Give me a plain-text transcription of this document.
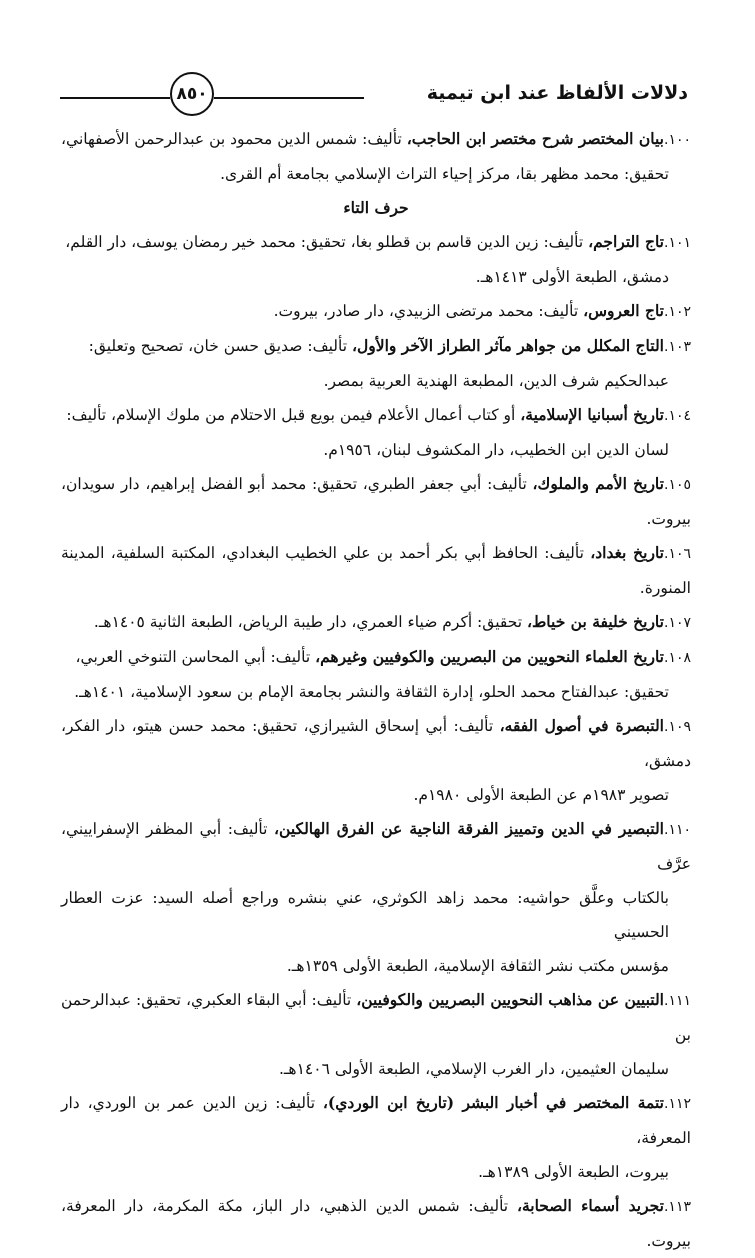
٨٥٠	دلالات الألفاظ عند ابن تيمية

١٠٠.بيان المختصر شرح مختصر ابن الحاجب، تأليف: شمس الدين محمود بن عبدالرحمن الأصفهاني،
تحقيق: محمد مظهر بقا، مركز إحياء التراث الإسلامي بجامعة أم القرى.

حرف التاء

١٠١.تاج التراجم، تأليف: زين الدين قاسم بن قطلو بغا، تحقيق: محمد خير رمضان يوسف، دار القلم،
دمشق، الطبعة الأولى ١٤١٣هـ.

١٠٢.تاج العروس، تأليف: محمد مرتضى الزبيدي، دار صادر، بيروت.

١٠٣.التاج المكلل من جواهر مآثر الطراز الآخر والأول، تأليف: صديق حسن خان، تصحيح وتعليق:
عبدالحكيم شرف الدين، المطبعة الهندية العربية بمصر.

١٠٤.تاريخ أسبانيا الإسلامية، أو كتاب أعمال الأعلام فيمن بويع قبل الاحتلام من ملوك الإسلام، تأليف:
لسان الدين ابن الخطيب، دار المكشوف لبنان، ١٩٥٦م.

١٠٥.تاريخ الأمم والملوك، تأليف: أبي جعفر الطبري، تحقيق: محمد أبو الفضل إبراهيم، دار سويدان، بيروت.

١٠٦.تاريخ بغداد، تأليف: الحافظ أبي بكر أحمد بن علي الخطيب البغدادي، المكتبة السلفية، المدينة المنورة.

١٠٧.تاريخ خليفة بن خياط، تحقيق: أكرم ضياء العمري، دار طيبة الرياض، الطبعة الثانية ١٤٠٥هـ.

١٠٨.تاريخ العلماء النحويين من البصريين والكوفيين وغيرهم، تأليف: أبي المحاسن التنوخي العربي،
تحقيق: عبدالفتاح محمد الحلو، إدارة الثقافة والنشر بجامعة الإمام بن سعود الإسلامية، ١٤٠١هـ.

١٠٩.التبصرة في أصول الفقه، تأليف: أبي إسحاق الشيرازي، تحقيق: محمد حسن هيتو، دار الفكر، دمشق،
تصوير ١٩٨٣م عن الطبعة الأولى ١٩٨٠م.

١١٠.التبصير في الدين وتمييز الفرقة الناجية عن الفرق الهالكين، تأليف: أبي المظفر الإسفراييني، عرَّف
بالكتاب وعلَّق حواشيه: محمد زاهد الكوثري، عني بنشره وراجع أصله السيد: عزت العطار الحسيني
مؤسس مكتب نشر الثقافة الإسلامية، الطبعة الأولى ١٣٥٩هـ.

١١١.التبيين عن مذاهب النحويين البصريين والكوفيين، تأليف: أبي البقاء العكبري، تحقيق: عبدالرحمن بن
سليمان العثيمين، دار الغرب الإسلامي، الطبعة الأولى ١٤٠٦هـ.

١١٢.تتمة المختصر في أخبار البشر (تاريخ ابن الوردي)، تأليف: زين الدين عمر بن الوردي، دار المعرفة،
بيروت، الطبعة الأولى ١٣٨٩هـ.

١١٣.تجريد أسماء الصحابة، تأليف: شمس الدين الذهبي، دار الباز، مكة المكرمة، دار المعرفة، بيروت.
